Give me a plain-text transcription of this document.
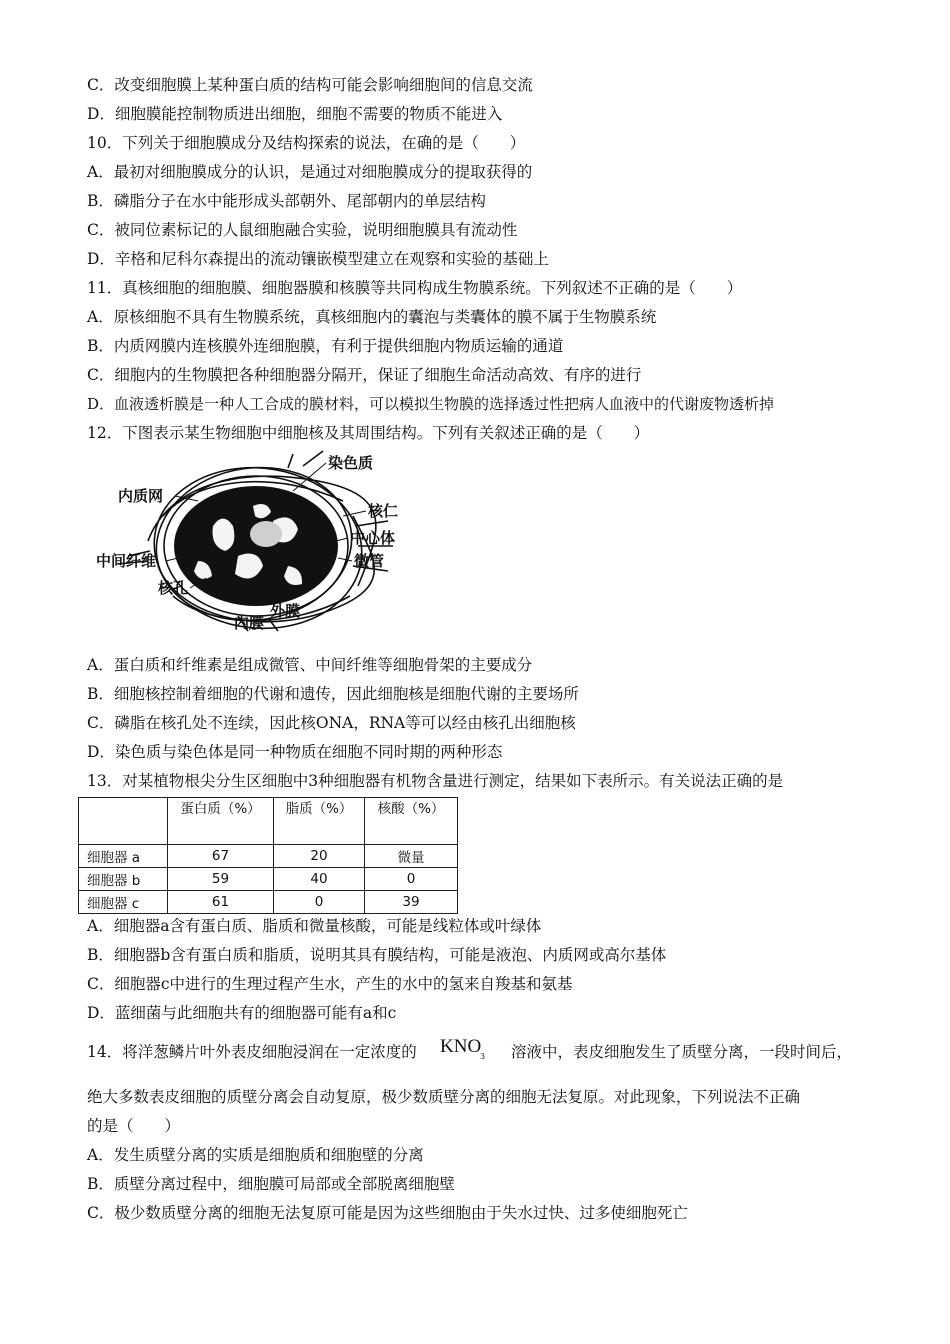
C．改变细胞膜上某种蛋白质的结构可能会影响细胞间的信息交流
D．细胞膜能控制物质进出细胞，细胞不需要的物质不能进入
10．下列关于细胞膜成分及结构探索的说法，在确的是（　　）
A．最初对细胞膜成分的认识，是通过对细胞膜成分的提取获得的
B．磷脂分子在水中能形成头部朝外、尾部朝内的单层结构
C．被同位素标记的人鼠细胞融合实验，说明细胞膜具有流动性
D．辛格和尼科尔森提出的流动镶嵌模型建立在观察和实验的基础上
11．真核细胞的细胞膜、细胞器膜和核膜等共同构成生物膜系统。下列叙述不正确的是（　　）
A．原核细胞不具有生物膜系统，真核细胞内的囊泡与类囊体的膜不属于生物膜系统
B．内质网膜内连核膜外连细胞膜，有利于提供细胞内物质运输的通道
C．细胞内的生物膜把各种细胞器分隔开，保证了细胞生命活动高效、有序的进行
D．血液透析膜是一种人工合成的膜材料，可以模拟生物膜的选择透过性把病人血液中的代谢废物透析掉
12．下图表示某生物细胞中细胞核及其周围结构。下列有关叙述正确的是（　　）
染色质
内质网
核仁
中心体
中间纤维	微管
核孔
外膜
内膜
A．蛋白质和纤维素是组成微管、中间纤维等细胞骨架的主要成分
B．细胞核控制着细胞的代谢和遗传，因此细胞核是细胞代谢的主要场所
C．磷脂在核孔处不连续，因此核ONA，RNA等可以经由核孔出细胞核
D．染色质与染色体是同一种物质在细胞不同时期的两种形态
13．对某植物根尖分生区细胞中3种细胞器有机物含量进行测定，结果如下表所示。有关说法正确的是
	蛋白质（%）	脂质（%）	核酸（%）
细胞器 a	67	20	微量
细胞器 b	59	40	0
细胞器 c	61	0	39
A．细胞器a含有蛋白质、脂质和微量核酸，可能是线粒体或叶绿体
B．细胞器b含有蛋白质和脂质，说明其具有膜结构，可能是液泡、内质网或高尔基体
C．细胞器c中进行的生理过程产生水，产生的水中的氢来自羧基和氨基
D．蓝细菌与此细胞共有的细胞器可能有a和c
14．将洋葱鳞片叶外表皮细胞浸润在一定浓度的 KNO
3 溶液中，表皮细胞发生了质壁分离，一段时间后，
绝大多数表皮细胞的质壁分离会自动复原，极少数质壁分离的细胞无法复原。对此现象，下列说法不正确
的是（　　）
A．发生质壁分离的实质是细胞质和细胞壁的分离
B．质壁分离过程中，细胞膜可局部或全部脱离细胞壁
C．极少数质壁分离的细胞无法复原可能是因为这些细胞由于失水过快、过多使细胞死亡
